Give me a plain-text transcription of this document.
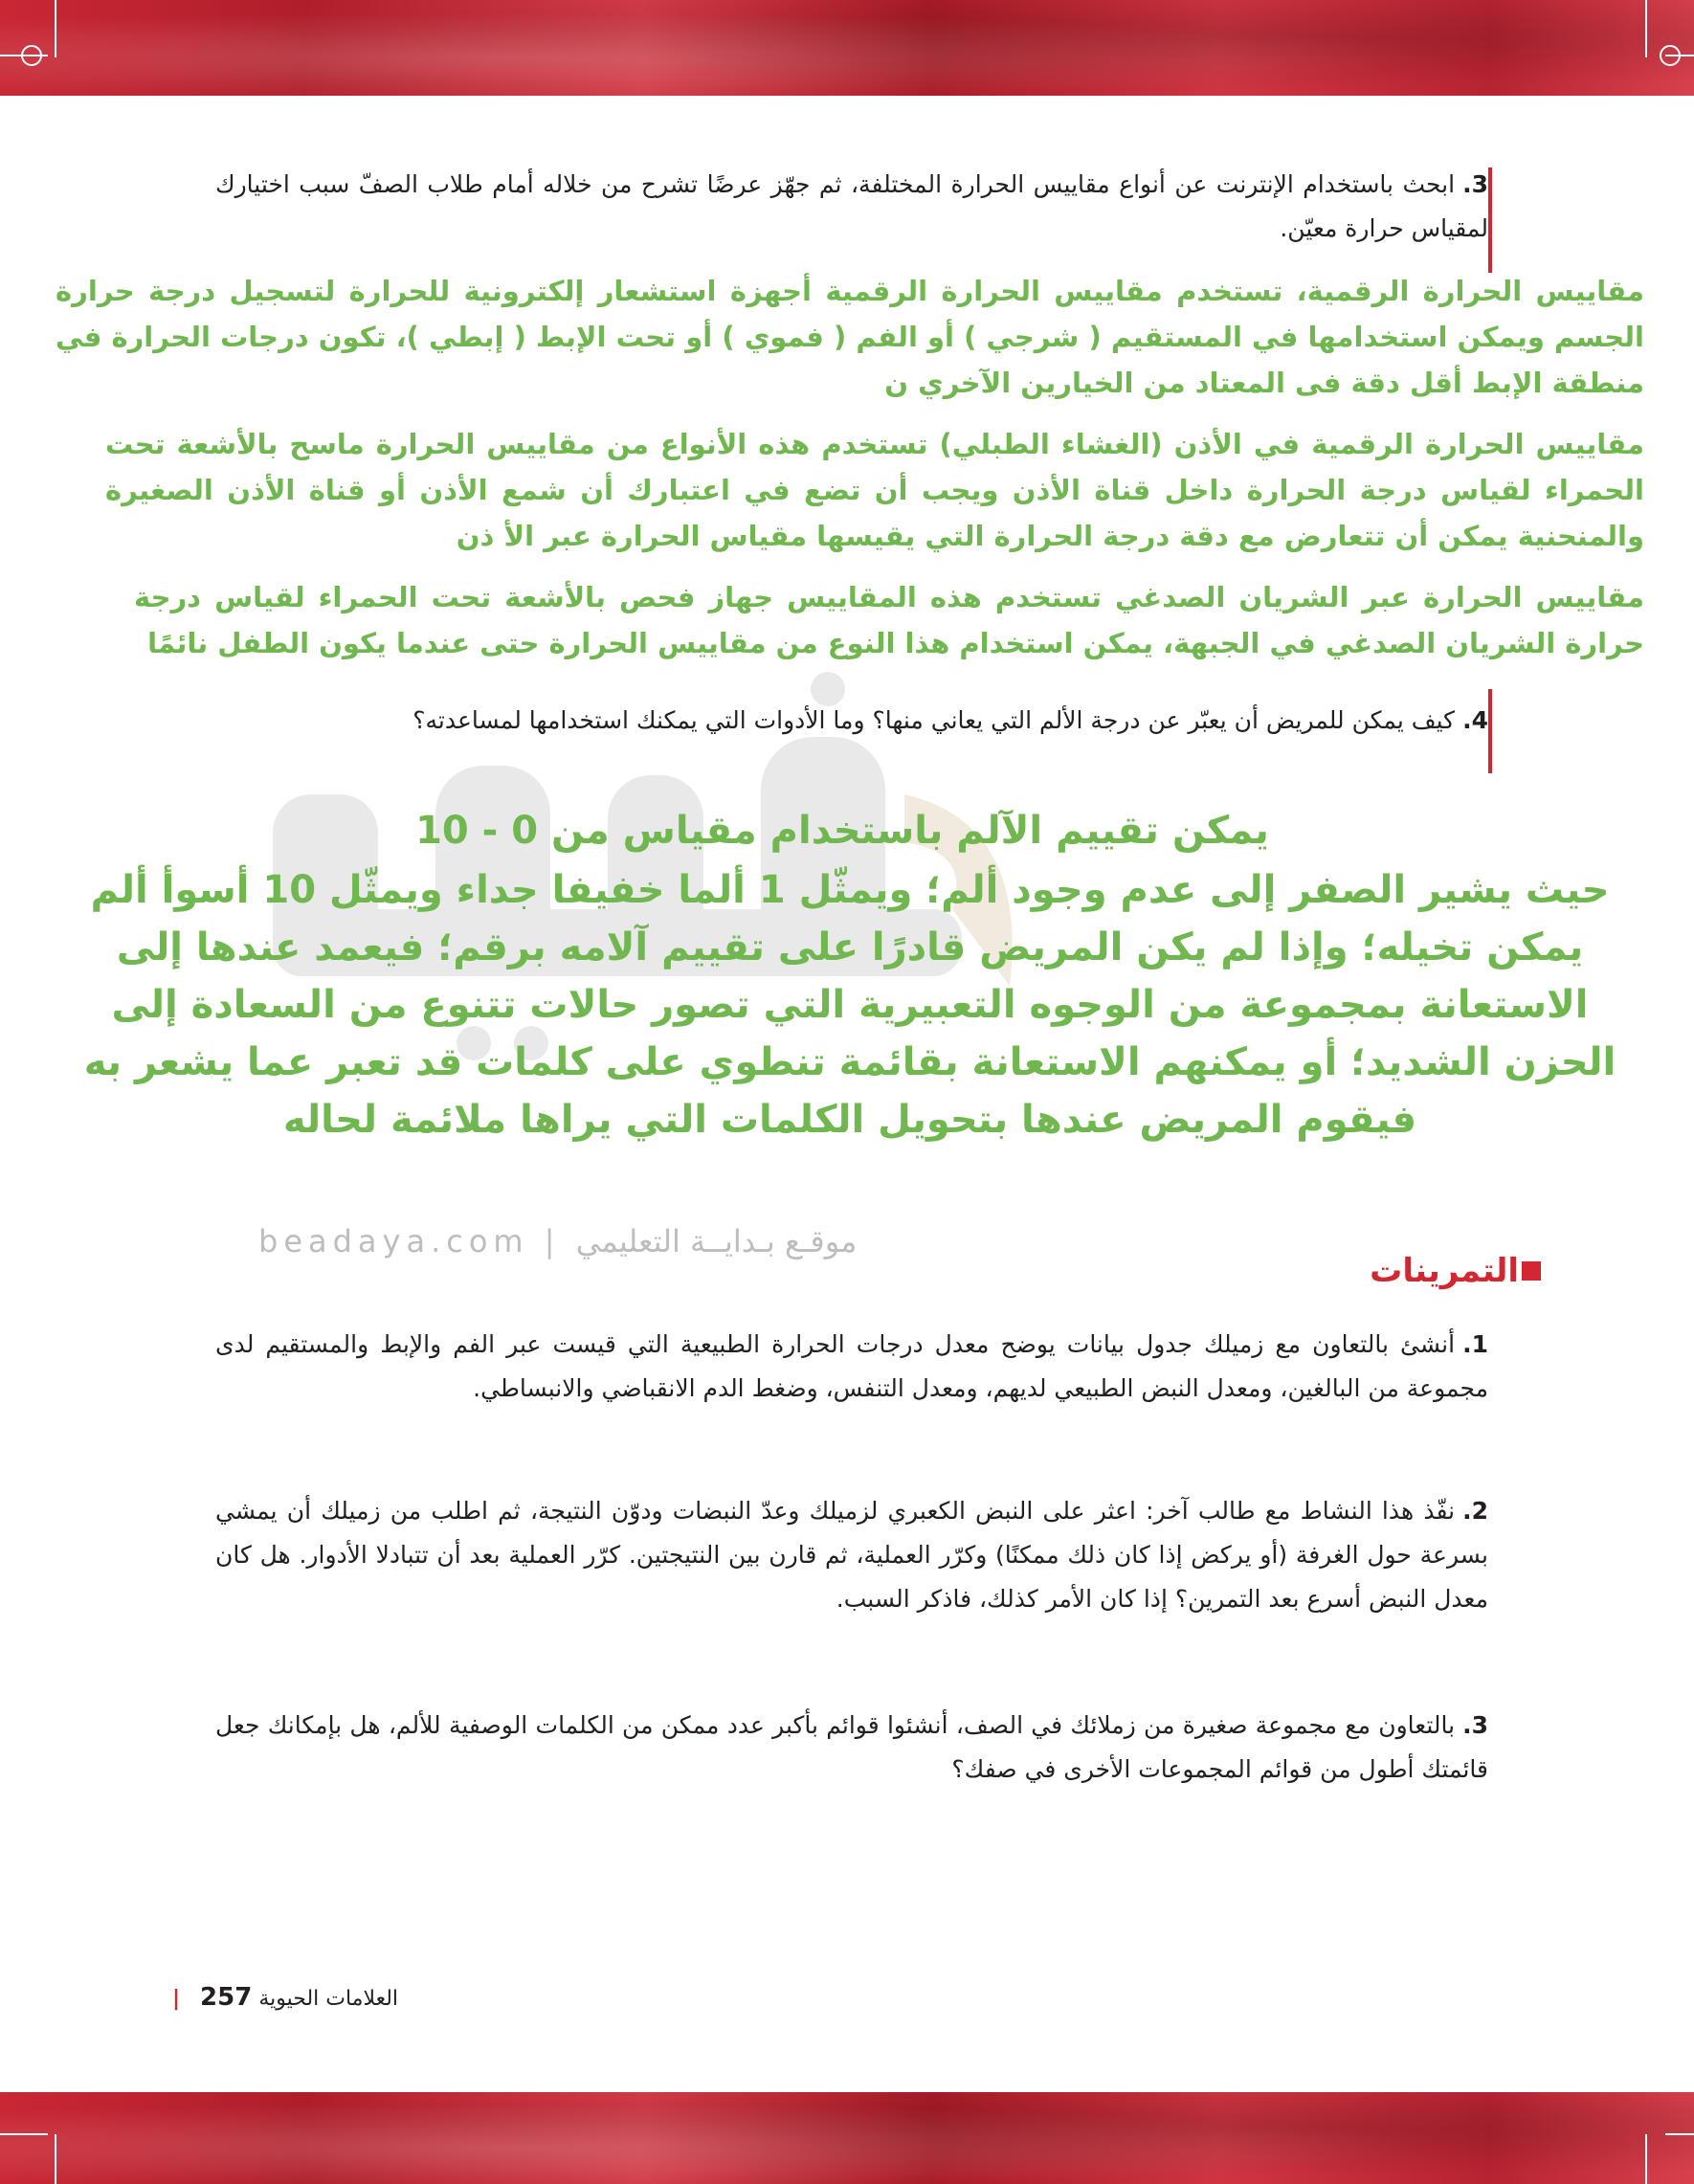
3.ابحث باستخدام الإنترنت عن أنواع مقاييس الحرارة المختلفة، ثم جهّز عرضًا تشرح من خلاله أمام طلاب الصفّ سبب اختيارك لمقياس حرارة معيّن.
مقاييس الحرارة الرقمية، تستخدم مقاييس الحرارة الرقمية أجهزة استشعار إلكترونية للحرارة لتسجيل درجة حرارة الجسم ويمكن استخدامها في المستقيم ( شرجي ) أو الفم ( فموي ) أو تحت الإبط ( إبطي )، تكون درجات الحرارة في منطقة الإبط أقل دقة فى المعتاد من الخيارين الآخري ن
مقاييس الحرارة الرقمية في الأذن (الغشاء الطبلي) تستخدم هذه الأنواع من مقاييس الحرارة ماسح بالأشعة تحت الحمراء لقياس درجة الحرارة داخل قناة الأذن ويجب أن تضع في اعتبارك أن شمع الأذن أو قناة الأذن الصغيرة والمنحنية يمكن أن تتعارض مع دقة درجة الحرارة التي يقيسها مقياس الحرارة عبر الأ ذن
مقاييس الحرارة عبر الشريان الصدغي تستخدم هذه المقاييس جهاز فحص بالأشعة تحت الحمراء لقياس درجة حرارة الشريان الصدغي في الجبهة، يمكن استخدام هذا النوع من مقاييس الحرارة حتى عندما يكون الطفل نائمًا
4.كيف يمكن للمريض أن يعبّر عن درجة الألم التي يعاني منها؟ وما الأدوات التي يمكنك استخدامها لمساعدته؟
يمكن تقييم الآلم باستخدام مقياس من 0 - 10
حيث يشير الصفر إلى عدم وجود ألم؛ ويمثّل 1 ألما خفيفا جداء ويمثّل 10 أسوأ ألم يمكن تخيله؛ وإذا لم يكن المريض قادرًا على تقييم آلامه برقم؛ فيعمد عندها إلى الاستعانة بمجموعة من الوجوه التعبيرية التي تصور حالات تتنوع من السعادة إلى الحزن الشديد؛ أو يمكنهم الاستعانة بقائمة تنطوي على كلمات قد تعبر عما يشعر به فيقوم المريض عندها بتحويل الكلمات التي يراها ملائمة لحاله
beadaya.com | موقـع بـدايــة التعليمي
التمرينات
1.أنشئ بالتعاون مع زميلك جدول بيانات يوضح معدل درجات الحرارة الطبيعية التي قيست عبر الفم والإبط والمستقيم لدى مجموعة من البالغين، ومعدل النبض الطبيعي لديهم، ومعدل التنفس، وضغط الدم الانقباضي والانبساطي.
2.نفّذ هذا النشاط مع طالب آخر: اعثر على النبض الكعبري لزميلك وعدّ النبضات ودوّن النتيجة، ثم اطلب من زميلك أن يمشي بسرعة حول الغرفة (أو يركض إذا كان ذلك ممكنًا) وكرّر العملية، ثم قارن بين النتيجتين. كرّر العملية بعد أن تتبادلا الأدوار. هل كان معدل النبض أسرع بعد التمرين؟ إذا كان الأمر كذلك، فاذكر السبب.
3.بالتعاون مع مجموعة صغيرة من زملائك في الصف، أنشئوا قوائم بأكبر عدد ممكن من الكلمات الوصفية للألم، هل بإمكانك جعل قائمتك أطول من قوائم المجموعات الأخرى في صفك؟
| 257 العلامات الحيوية
